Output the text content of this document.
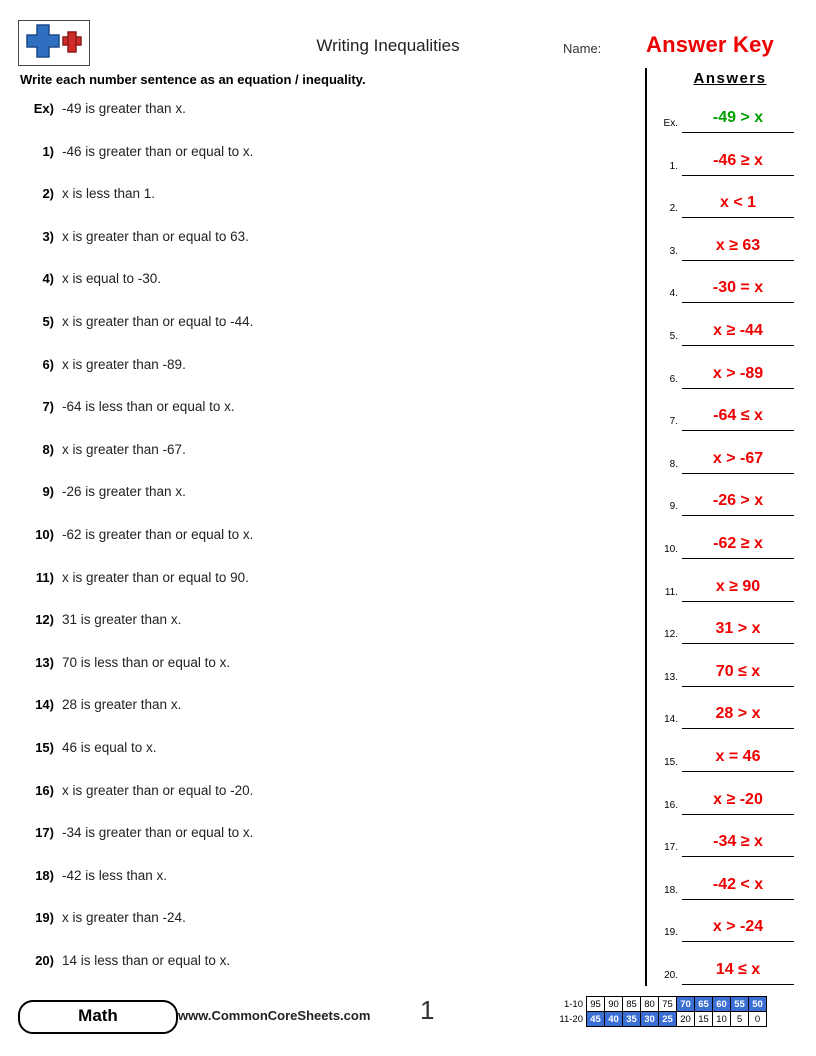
Writing Inequalities	Name: Answer Key
Write each number sentence as an equation / inequality.	Answers
Ex) -49 is greater than x.
1) -46 is greater than or equal to x.
2) x is less than 1.
3) x is greater than or equal to 63.
4) x is equal to -30.
5) x is greater than or equal to -44.
6) x is greater than -89.
7) -64 is less than or equal to x.
8) x is greater than -67.
9) -26 is greater than x.
10) -62 is greater than or equal to x.
11) x is greater than or equal to 90.
12) 31 is greater than x.
13) 70 is less than or equal to x.
14) 28 is greater than x.
15) 46 is equal to x.
16) x is greater than or equal to -20.
17) -34 is greater than or equal to x.
18) -42 is less than x.
19) x is greater than -24.
20) 14 is less than or equal to x.
Ex.	-49 > x
1.	-46 ≥ x
2.	x < 1
3.	x ≥ 63
4.	-30 = x
5.	x ≥ -44
6.	x > -89
7.	-64 ≤ x
8.	x > -67
9.	-26 > x
10.	-62 ≥ x
11.	x ≥ 90
12.	31 > x
13.	70 ≤ x
14.	28 > x
15.	x = 46
16.	x ≥ -20
17.	-34 ≥ x
18.	-42 < x
19.	x > -24
20.	14 ≤ x
Math	www.CommonCoreSheets.com 1	1-10	95	90	85	80	75	70	65	60	55	50
11-20	45	40	35	30	25	20	15	10	5	0
